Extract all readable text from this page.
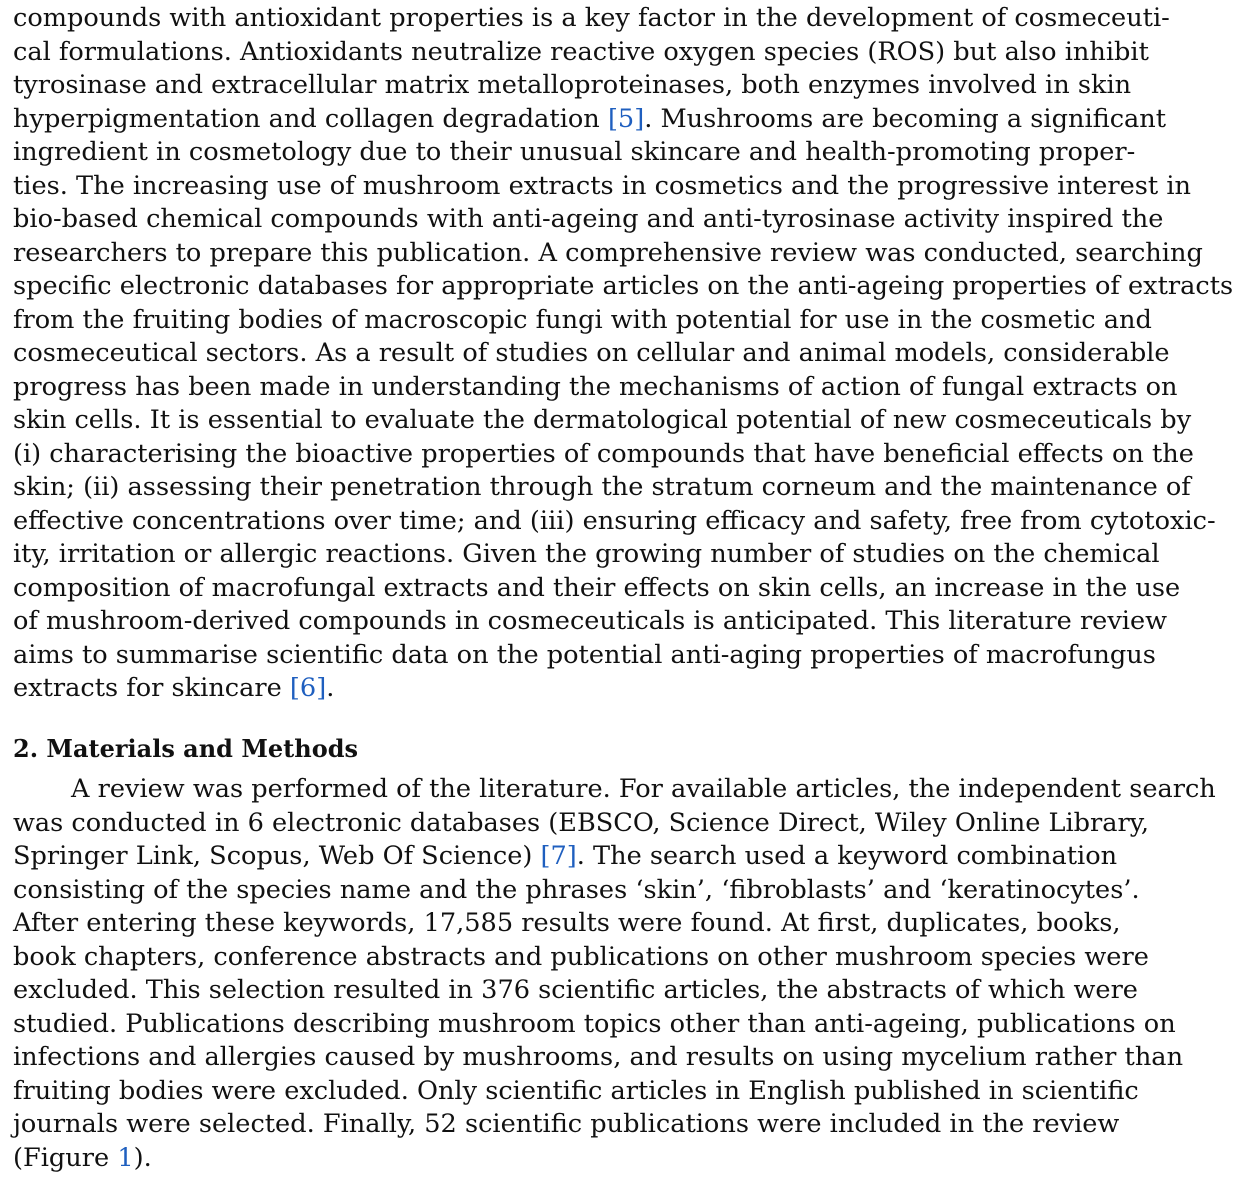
compounds with antioxidant properties is a key factor in the development of cosmeceuti-
cal formulations. Antioxidants neutralize reactive oxygen species (ROS) but also inhibit
tyrosinase and extracellular matrix metalloproteinases, both enzymes involved in skin
hyperpigmentation and collagen degradation [5]. Mushrooms are becoming a significant
ingredient in cosmetology due to their unusual skincare and health-promoting proper-
ties. The increasing use of mushroom extracts in cosmetics and the progressive interest in
bio-based chemical compounds with anti-ageing and anti-tyrosinase activity inspired the
researchers to prepare this publication. A comprehensive review was conducted, searching
specific electronic databases for appropriate articles on the anti-ageing properties of extracts
from the fruiting bodies of macroscopic fungi with potential for use in the cosmetic and
cosmeceutical sectors. As a result of studies on cellular and animal models, considerable
progress has been made in understanding the mechanisms of action of fungal extracts on
skin cells. It is essential to evaluate the dermatological potential of new cosmeceuticals by
(i) characterising the bioactive properties of compounds that have beneficial effects on the
skin; (ii) assessing their penetration through the stratum corneum and the maintenance of
effective concentrations over time; and (iii) ensuring efficacy and safety, free from cytotoxic-
ity, irritation or allergic reactions. Given the growing number of studies on the chemical
composition of macrofungal extracts and their effects on skin cells, an increase in the use
of mushroom-derived compounds in cosmeceuticals is anticipated. This literature review
aims to summarise scientific data on the potential anti-aging properties of macrofungus
extracts for skincare [6].
2. Materials and Methods
A review was performed of the literature. For available articles, the independent search
was conducted in 6 electronic databases (EBSCO, Science Direct, Wiley Online Library,
Springer Link, Scopus, Web Of Science) [7]. The search used a keyword combination
consisting of the species name and the phrases ‘skin’, ‘fibroblasts’ and ‘keratinocytes’.
After entering these keywords, 17,585 results were found. At first, duplicates, books,
book chapters, conference abstracts and publications on other mushroom species were
excluded. This selection resulted in 376 scientific articles, the abstracts of which were
studied. Publications describing mushroom topics other than anti-ageing, publications on
infections and allergies caused by mushrooms, and results on using mycelium rather than
fruiting bodies were excluded. Only scientific articles in English published in scientific
journals were selected. Finally, 52 scientific publications were included in the review
(Figure 1).
